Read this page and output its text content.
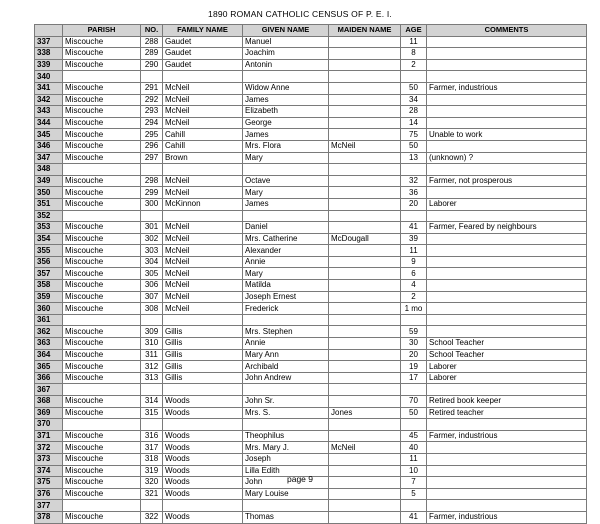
1890 ROMAN CATHOLIC CENSUS OF P. E. I.
	PARISH	NO.	FAMILY NAME	GIVEN NAME	MAIDEN NAME	AGE	COMMENTS
337	Miscouche	288	Gaudet	Manuel		11	
338	Miscouche	289	Gaudet	Joachim		8	
339	Miscouche	290	Gaudet	Antonin		2	
340							
341	Miscouche	291	McNeil	Widow Anne		50	Farmer, industrious
342	Miscouche	292	McNeil	James		34	
343	Miscouche	293	McNeil	Elizabeth		28	
344	Miscouche	294	McNeil	George		14	
345	Miscouche	295	Cahill	James		75	Unable to work
346	Miscouche	296	Cahill	Mrs. Flora	McNeil	50	
347	Miscouche	297	Brown	Mary		13	(unknown) ?
348							
349	Miscouche	298	McNeil	Octave		32	Farmer, not prosperous
350	Miscouche	299	McNeil	Mary		36	
351	Miscouche	300	McKinnon	James		20	Laborer
352							
353	Miscouche	301	McNeil	Daniel		41	Farmer, Feared by neighbours
354	Miscouche	302	McNeil	Mrs. Catherine	McDougall	39	
355	Miscouche	303	McNeil	Alexander		11	
356	Miscouche	304	McNeil	Annie		9	
357	Miscouche	305	McNeil	Mary		6	
358	Miscouche	306	McNeil	Matilda		4	
359	Miscouche	307	McNeil	Joseph Ernest		2	
360	Miscouche	308	McNeil	Frederick		1 mo	
361							
362	Miscouche	309	Gillis	Mrs. Stephen		59	
363	Miscouche	310	Gillis	Annie		30	School Teacher
364	Miscouche	311	Gillis	Mary Ann		20	School Teacher
365	Miscouche	312	Gillis	Archibald		19	Laborer
366	Miscouche	313	Gillis	John Andrew		17	Laborer
367							
368	Miscouche	314	Woods	John Sr.		70	Retired book keeper
369	Miscouche	315	Woods	Mrs. S.	Jones	50	Retired teacher
370							
371	Miscouche	316	Woods	Theophilus		45	Farmer, industrious
372	Miscouche	317	Woods	Mrs. Mary J.	McNeil	40	
373	Miscouche	318	Woods	Joseph		11	
374	Miscouche	319	Woods	Lilla Edith		10	
375	Miscouche	320	Woods	John		7	
376	Miscouche	321	Woods	Mary Louise		5	
377							
378	Miscouche	322	Woods	Thomas		41	Farmer, industrious
page 9
